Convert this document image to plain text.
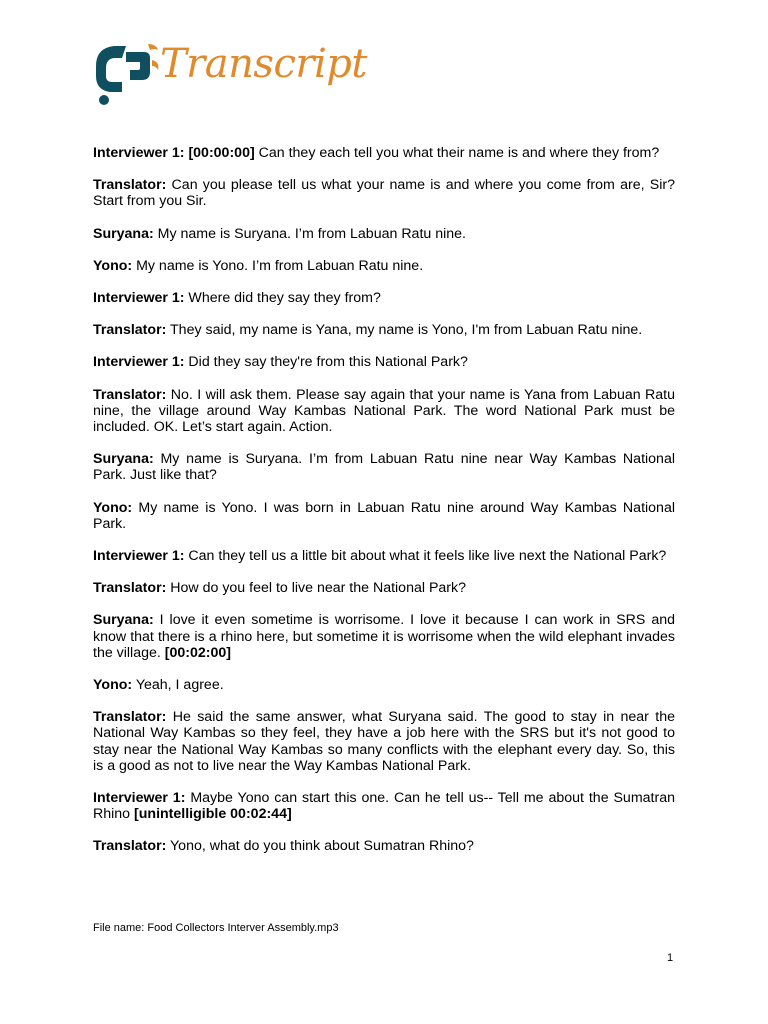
Transcript

Interviewer 1: [00:00:00] Can they each tell you what their name is and where they from?

Translator: Can you please tell us what your name is and where you come from are, Sir? Start from you Sir.

Suryana: My name is Suryana. I’m from Labuan Ratu nine.

Yono: My name is Yono. I’m from Labuan Ratu nine.

Interviewer 1: Where did they say they from?

Translator: They said, my name is Yana, my name is Yono, I'm from Labuan Ratu nine.

Interviewer 1: Did they say they're from this National Park?

Translator: No. I will ask them. Please say again that your name is Yana from Labuan Ratu nine, the village around Way Kambas National Park. The word National Park must be included. OK. Let’s start again. Action.

Suryana: My name is Suryana. I’m from Labuan Ratu nine near Way Kambas National Park. Just like that?

Yono: My name is Yono. I was born in Labuan Ratu nine around Way Kambas National Park.

Interviewer 1: Can they tell us a little bit about what it feels like live next the National Park?

Translator: How do you feel to live near the National Park?

Suryana: I love it even sometime is worrisome. I love it because I can work in SRS and know that there is a rhino here, but sometime it is worrisome when the wild elephant invades the village. [00:02:00]

Yono: Yeah, I agree.

Translator: He said the same answer, what Suryana said. The good to stay in near the National Way Kambas so they feel, they have a job here with the SRS but it's not good to stay near the National Way Kambas so many conflicts with the elephant every day. So, this is a good as not to live near the Way Kambas National Park.

Interviewer 1: Maybe Yono can start this one. Can he tell us-- Tell me about the Sumatran Rhino [unintelligible 00:02:44]

Translator: Yono, what do you think about Sumatran Rhino?

File name: Food Collectors Interver Assembly.mp3
1
